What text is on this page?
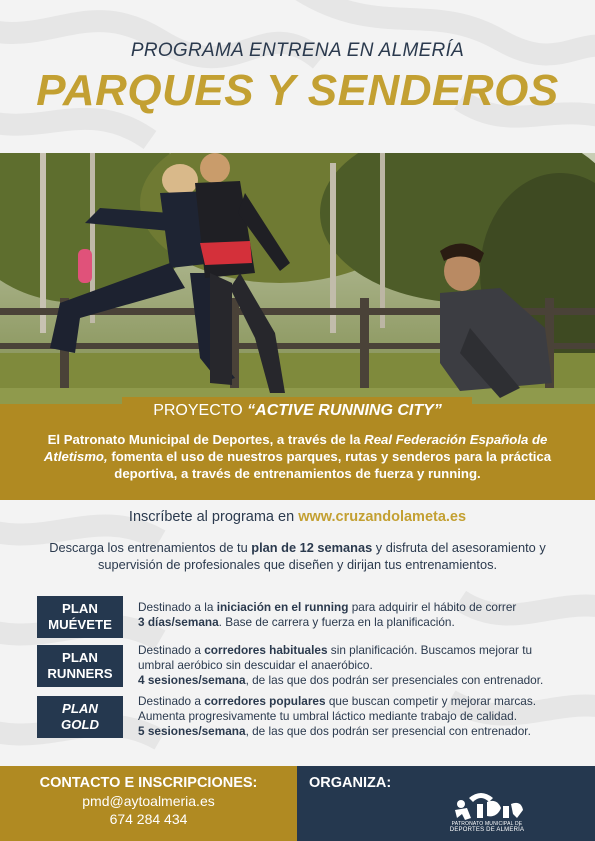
PROGRAMA ENTRENA EN ALMERÍA

PARQUES Y SENDEROS

PROYECTO “ACTIVE RUNNING CITY”
El Patronato Municipal de Deportes, a través de la Real Federación Española de Atletismo, fomenta el uso de nuestros parques, rutas y senderos para la práctica deportiva, a través de entrenamientos de fuerza y running.
Inscríbete al programa en www.cruzandolameta.es
Descarga los entrenamientos de tu plan de 12 semanas y disfruta del asesoramiento y supervisión de profesionales que diseñen y dirijan tus entrenamientos.
PLAN
MUÉVETE
Destinado a la iniciación en el running para adquirir el hábito de correr
3 días/semana. Base de carrera y fuerza en la planificación.
PLAN
RUNNERS
Destinado a corredores habituales sin planificación. Buscamos mejorar tu umbral aeróbico sin descuidar el anaeróbico.
4 sesiones/semana, de las que dos podrán ser presenciales con entrenador.
PLAN
GOLD
Destinado a corredores populares que buscan competir y mejorar marcas. Aumenta progresivamente tu umbral láctico mediante trabajo de calidad.
5 sesiones/semana, de las que dos podrán ser presencial con entrenador.
CONTACTO E INSCRIPCIONES:
pmd@aytoalmeria.es
674 284 434
ORGANIZA:
PATRONATO MUNICIPAL DE
DEPORTES DE ALMERÍA
